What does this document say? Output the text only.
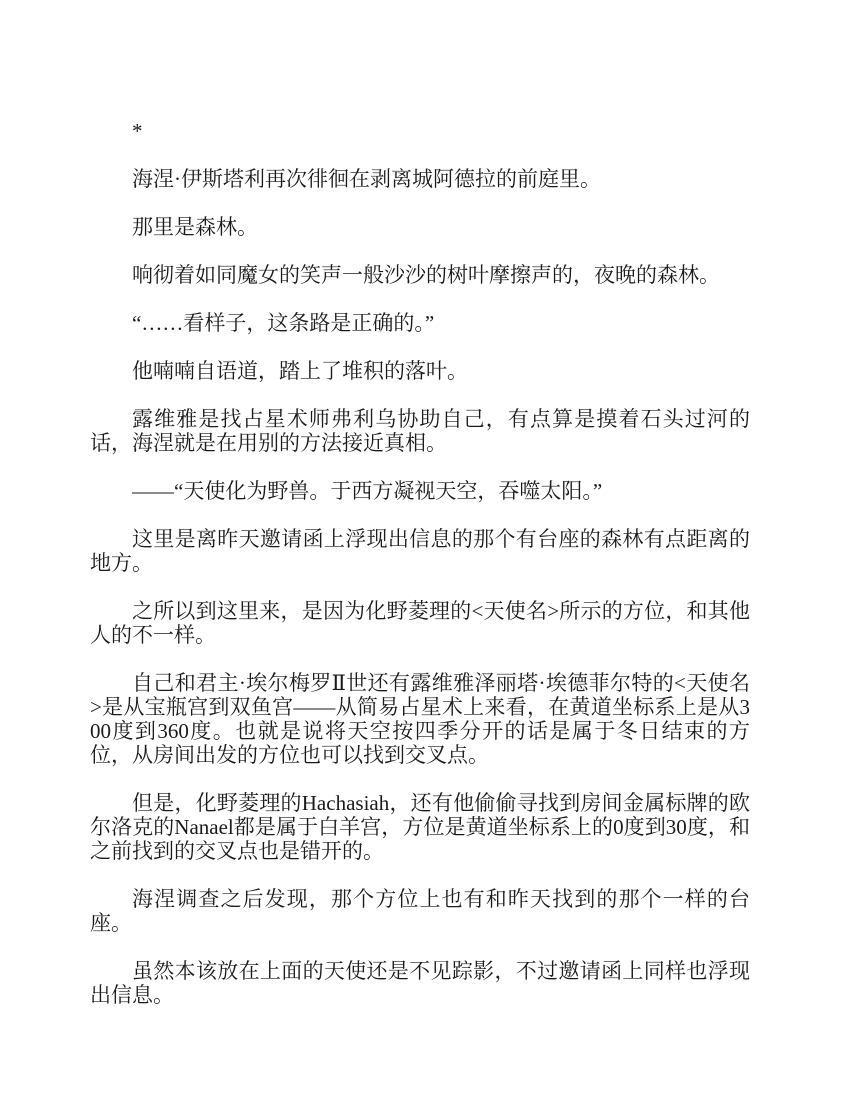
*

海涅·伊斯塔利再次徘徊在剥离城阿德拉的前庭里。

那里是森林。

响彻着如同魔女的笑声一般沙沙的树叶摩擦声的，夜晚的森林。

“……看样子，这条路是正确的。”

他喃喃自语道，踏上了堆积的落叶。

露维雅是找占星术师弗利乌协助自己，有点算是摸着石头过河的话，海涅就是在用别的方法接近真相。

——“天使化为野兽。于西方凝视天空，吞噬太阳。”

这里是离昨天邀请函上浮现出信息的那个有台座的森林有点距离的地方。

之所以到这里来，是因为化野菱理的<天使名>所示的方位，和其他人的不一样。

自己和君主·埃尔梅罗Ⅱ世还有露维雅泽丽塔·埃德菲尔特的<天使名>是从宝瓶宫到双鱼宫——从简易占星术上来看，在黄道坐标系上是从300度到360度。也就是说将天空按四季分开的话是属于冬日结束的方位，从房间出发的方位也可以找到交叉点。

但是，化野菱理的Hachasiah，还有他偷偷寻找到房间金属标牌的欧尔洛克的Nanael都是属于白羊宫，方位是黄道坐标系上的0度到30度，和之前找到的交叉点也是错开的。

海涅调查之后发现，那个方位上也有和昨天找到的那个一样的台座。

虽然本该放在上面的天使还是不见踪影，不过邀请函上同样也浮现出信息。
